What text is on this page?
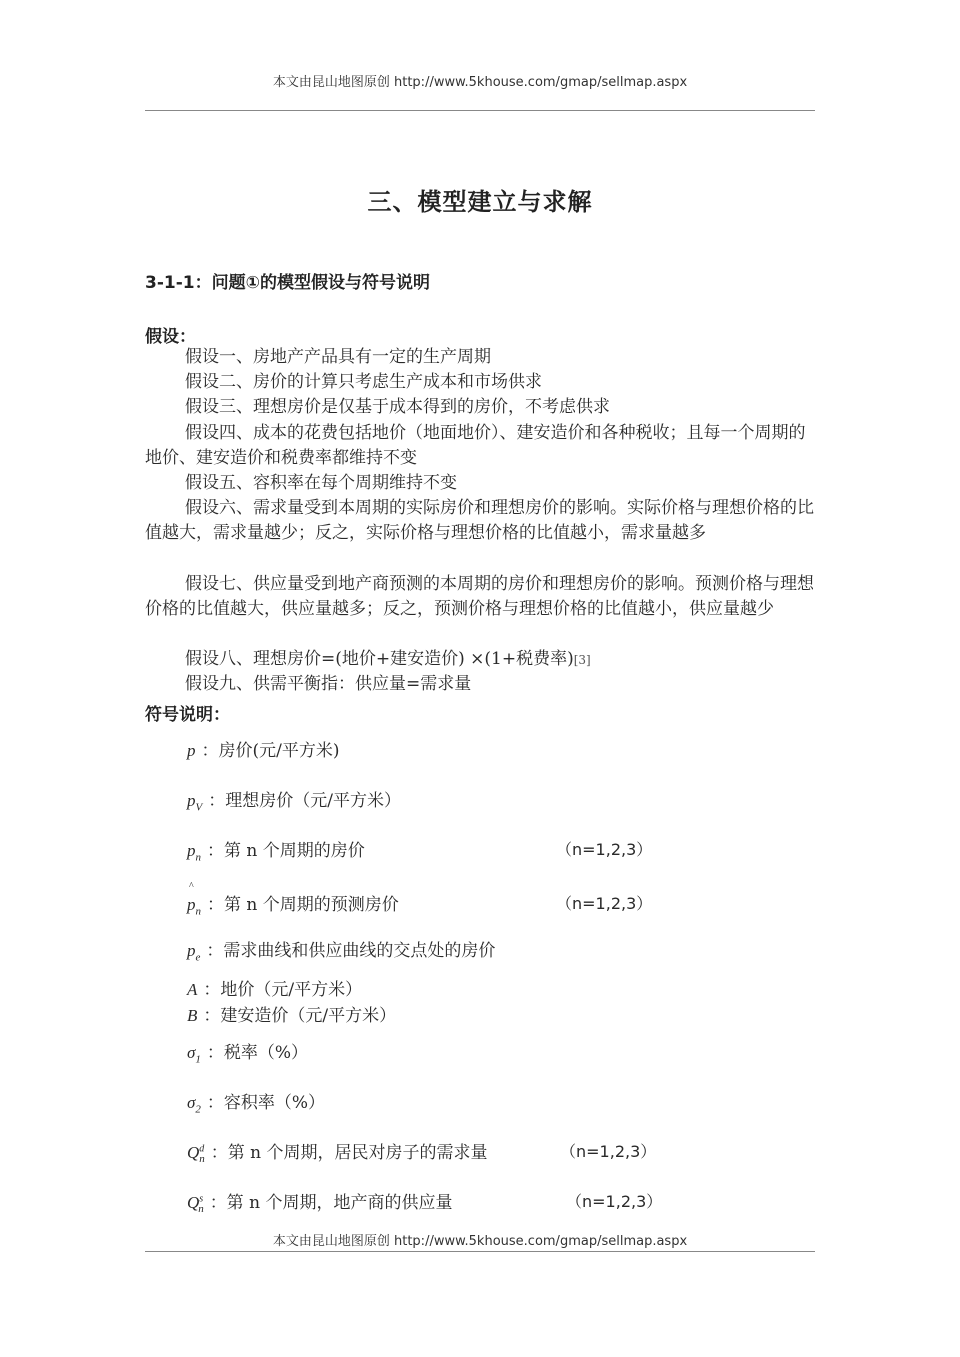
本文由昆山地图原创 http://www.5khouse.com/gmap/sellmap.aspx
三、模型建立与求解
3-1-1：问题①的模型假设与符号说明
假设：
假设一、房地产产品具有一定的生产周期
假设二、房价的计算只考虑生产成本和市场供求
假设三、理想房价是仅基于成本得到的房价，不考虑供求
假设四、成本的花费包括地价（地面地价）、建安造价和各种税收；且每一个周期的地价、建安造价和税费率都维持不变
假设五、容积率在每个周期维持不变
假设六、需求量受到本周期的实际房价和理想房价的影响。实际价格与理想价格的比值越大，需求量越少；反之，实际价格与理想价格的比值越小，需求量越多
假设七、供应量受到地产商预测的本周期的房价和理想房价的影响。预测价格与理想价格的比值越大，供应量越多；反之，预测价格与理想价格的比值越小，供应量越少
假设八、理想房价=(地价+建安造价) ×(1+税费率)[3]
假设九、供需平衡指：供应量=需求量
符号说明：
p ：房价(元/平方米)
$p_V$ ：理想房价（元/平方米）
$p_n$ ：第 n 个周期的房价	（n=1,2,3）
^
$p_n$ ：第 n 个周期的预测房价	（n=1,2,3）
$p_e$ ：需求曲线和供应曲线的交点处的房价
A ：地价（元/平方米）
B ：建安造价（元/平方米）
$\sigma_1$ ：税率（%）
$\sigma_2$ ：容积率（%）
$Q^d_n$ ：第 n 个周期，居民对房子的需求量	（n=1,2,3）
$Q^s_n$ ：第 n 个周期，地产商的供应量	（n=1,2,3）
本文由昆山地图原创 http://www.5khouse.com/gmap/sellmap.aspx
